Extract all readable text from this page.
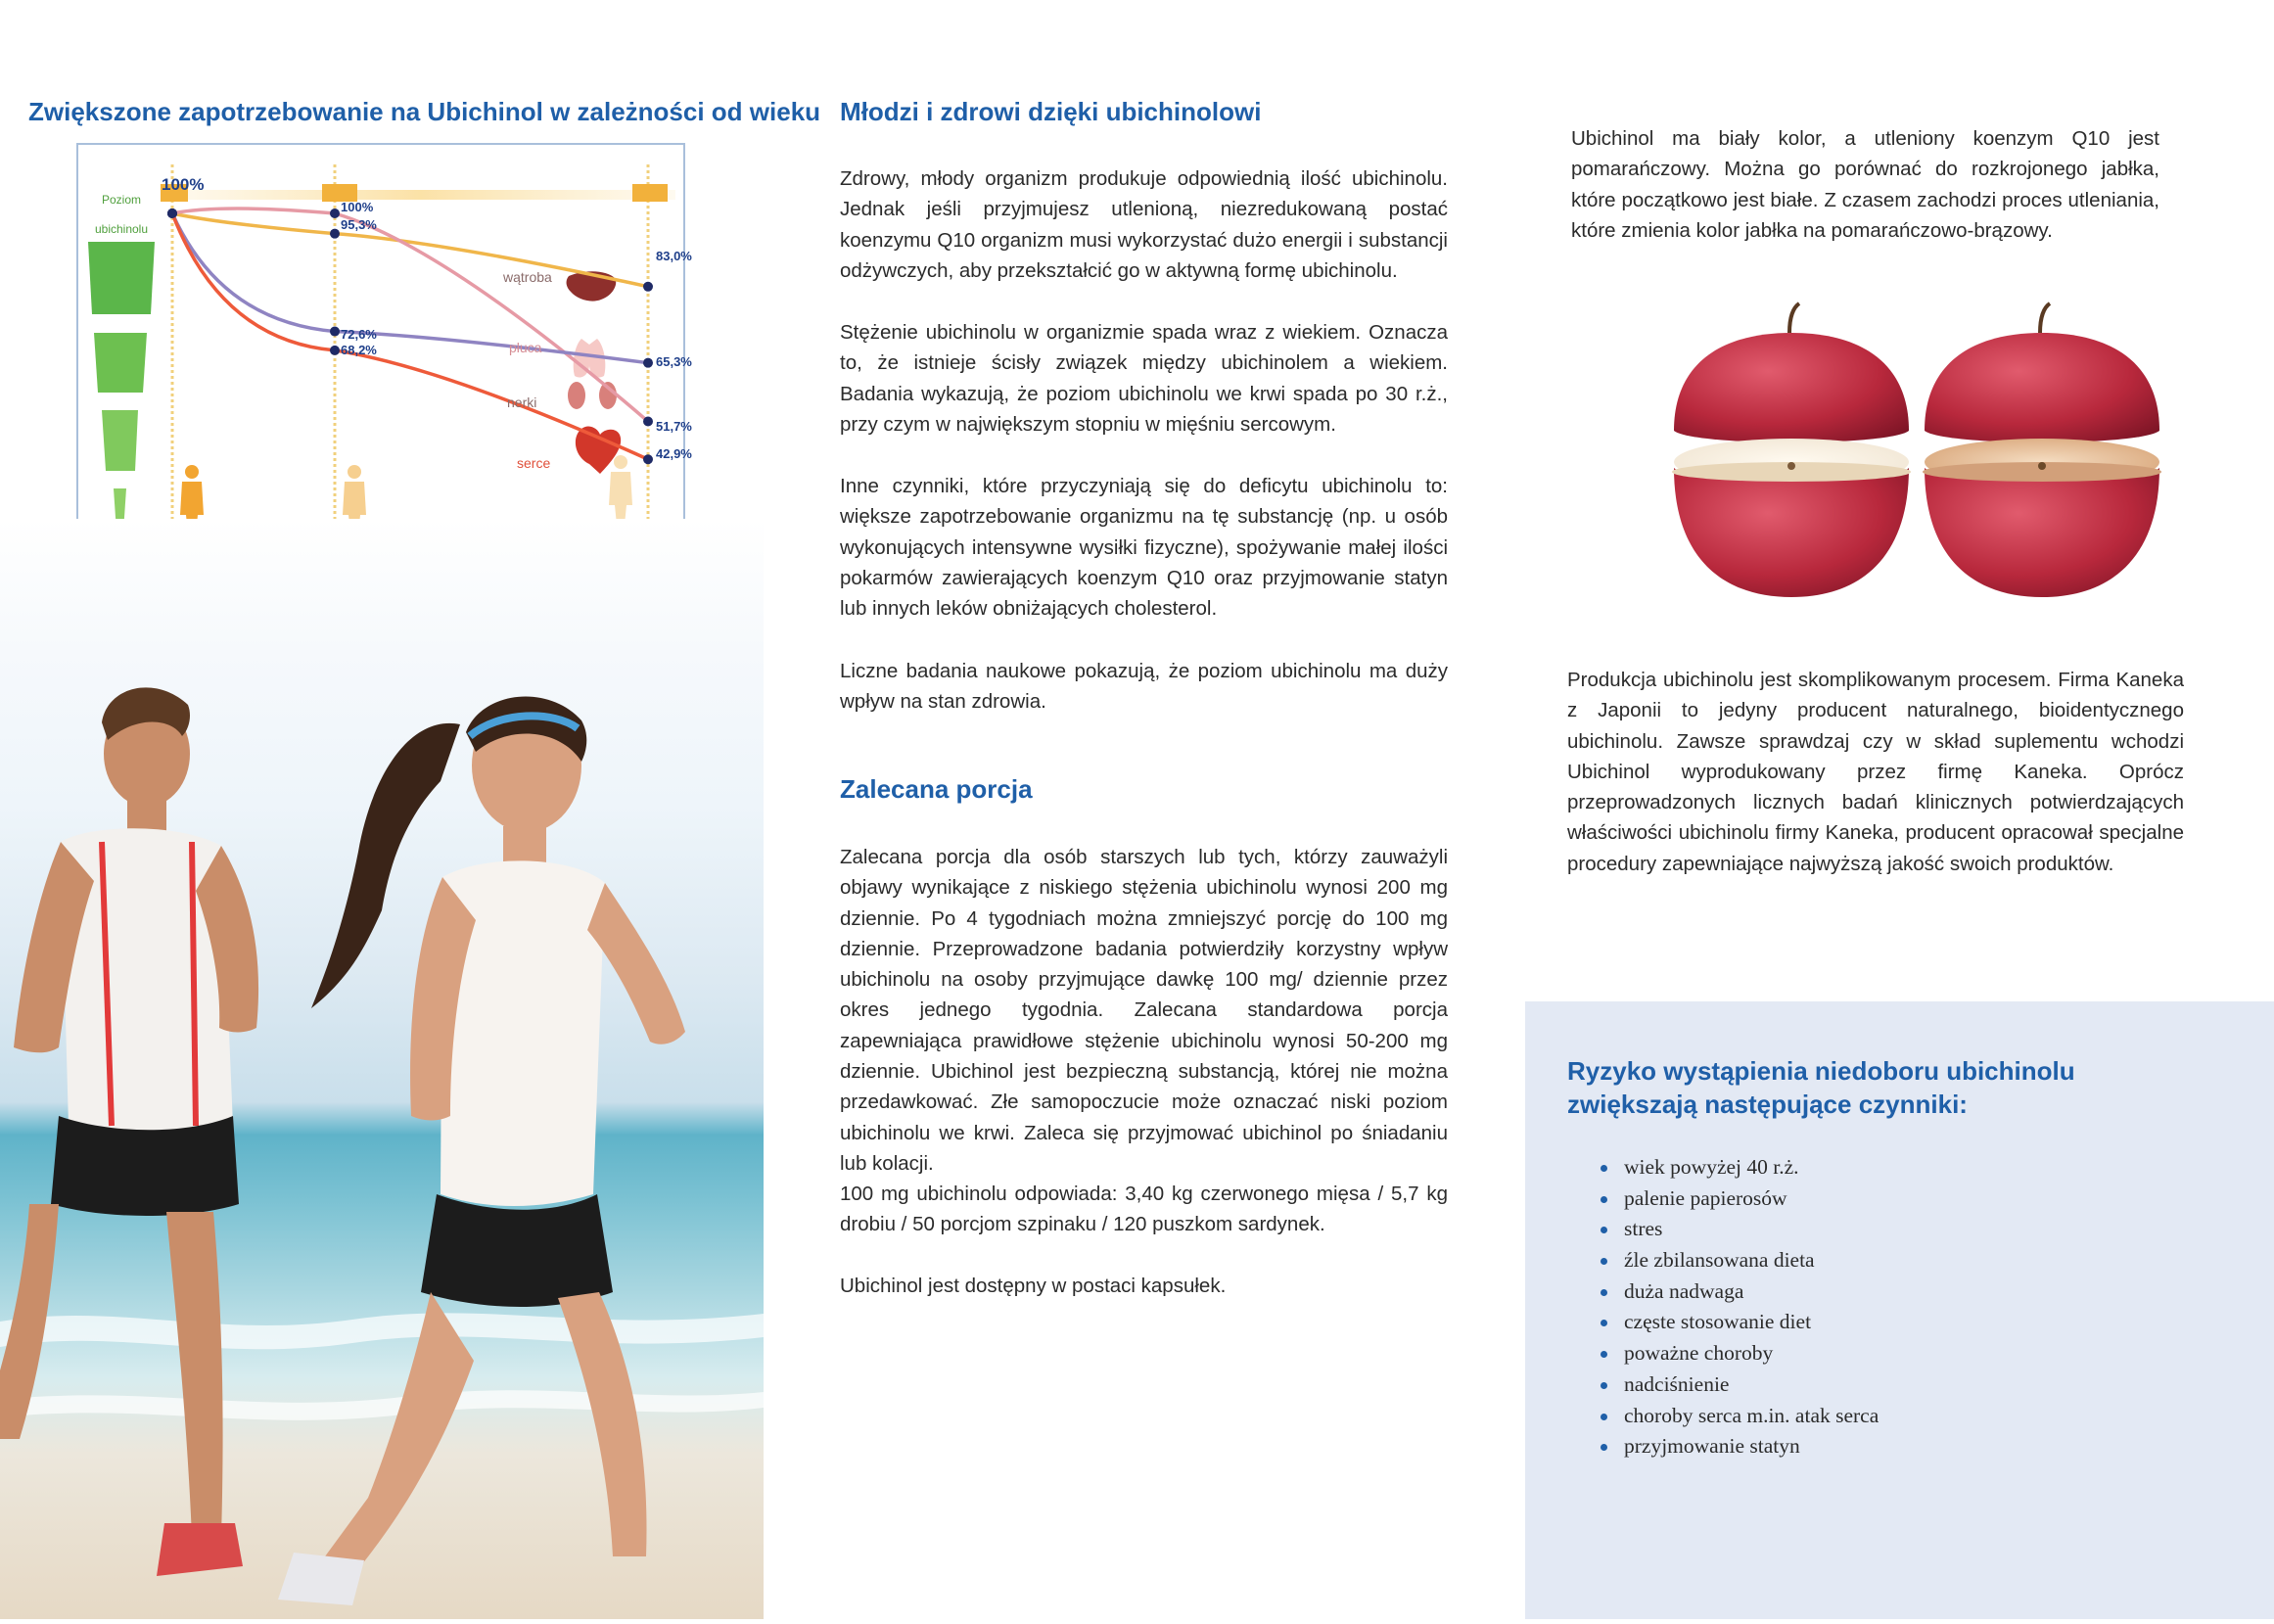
Zwiększone zapotrzebowanie na Ubichinol w zależności od wieku
Poziom
ubichinolu
100%
100%
95,3%
83,0%
72,6%
68,2%
65,3%
51,7%
42,9%
wątroba
płuca
nerki
serce
Młodzi i zdrowi dzięki ubichinolowi

Zdrowy, młody organizm produkuje odpowiednią ilość ubichinolu. Jednak jeśli przyjmujesz utlenioną, niezredukowaną postać koenzymu Q10 organizm musi wykorzystać dużo energii i substancji odżywczych, aby przekształcić go w aktywną formę ubichinolu.

Stężenie ubichinolu w organizmie spada wraz z wiekiem. Oznacza to, że istnieje ścisły związek między ubichinolem a wiekiem. Badania wykazują, że poziom ubichinolu we krwi spada po 30 r.ż., przy czym w największym stopniu w mięśniu sercowym.

Inne czynniki, które przyczyniają się do deficytu ubichinolu to: większe zapotrzebowanie organizmu na tę substancję (np. u osób wykonujących intensywne wysiłki fizyczne), spożywanie małej ilości pokarmów zawierających koenzym Q10 oraz przyjmowanie statyn lub innych leków obniżających cholesterol.

Liczne badania naukowe pokazują, że poziom ubichinolu ma duży wpływ na stan zdrowia.

Zalecana porcja

Zalecana porcja dla osób starszych lub tych, którzy zauważyli objawy wynikające z niskiego stężenia ubichinolu wynosi 200 mg dziennie. Po 4 tygodniach można zmniejszyć porcję do 100 mg dziennie. Przeprowadzone badania potwierdziły korzystny wpływ ubichinolu na osoby przyjmujące dawkę 100 mg/ dziennie przez okres jednego tygodnia. Zalecana standardowa porcja zapewniająca prawidłowe stężenie ubichinolu wynosi 50-200 mg dziennie. Ubichinol jest bezpieczną substancją, której nie można przedawkować. Złe samopoczucie może oznaczać niski poziom ubichinolu we krwi. Zaleca się przyjmować ubichinol po śniadaniu lub kolacji.

100 mg ubichinolu odpowiada: 3,40 kg czerwonego mięsa / 5,7 kg drobiu / 50 porcjom szpinaku / 120 puszkom sardynek.

Ubichinol jest dostępny w postaci kapsułek.

Ubichinol ma biały kolor, a utleniony koenzym Q10 jest pomarańczowy. Można go porównać do rozkrojonego jabłka, które początkowo jest białe. Z czasem zachodzi proces utleniania, które zmienia kolor jabłka na pomarańczowo-brązowy.

Produkcja ubichinolu jest skomplikowanym procesem. Firma Kaneka z Japonii to jedyny producent naturalnego, bioidentycznego ubichinolu. Zawsze sprawdzaj czy w skład suplementu wchodzi Ubichinol wyprodukowany przez firmę Kaneka. Oprócz przeprowadzonych licznych badań klinicznych potwierdzających właściwości ubichinolu firmy Kaneka, producent opracował specjalne procedury zapewniające najwyższą jakość swoich produktów.

Ryzyko wystąpienia niedoboru ubichinolu zwiększają następujące czynniki:
wiek powyżej 40 r.ż.
palenie papierosów
stres
źle zbilansowana dieta
duża nadwaga
częste stosowanie diet
poważne choroby
nadciśnienie
choroby serca m.in. atak serca
przyjmowanie statyn
